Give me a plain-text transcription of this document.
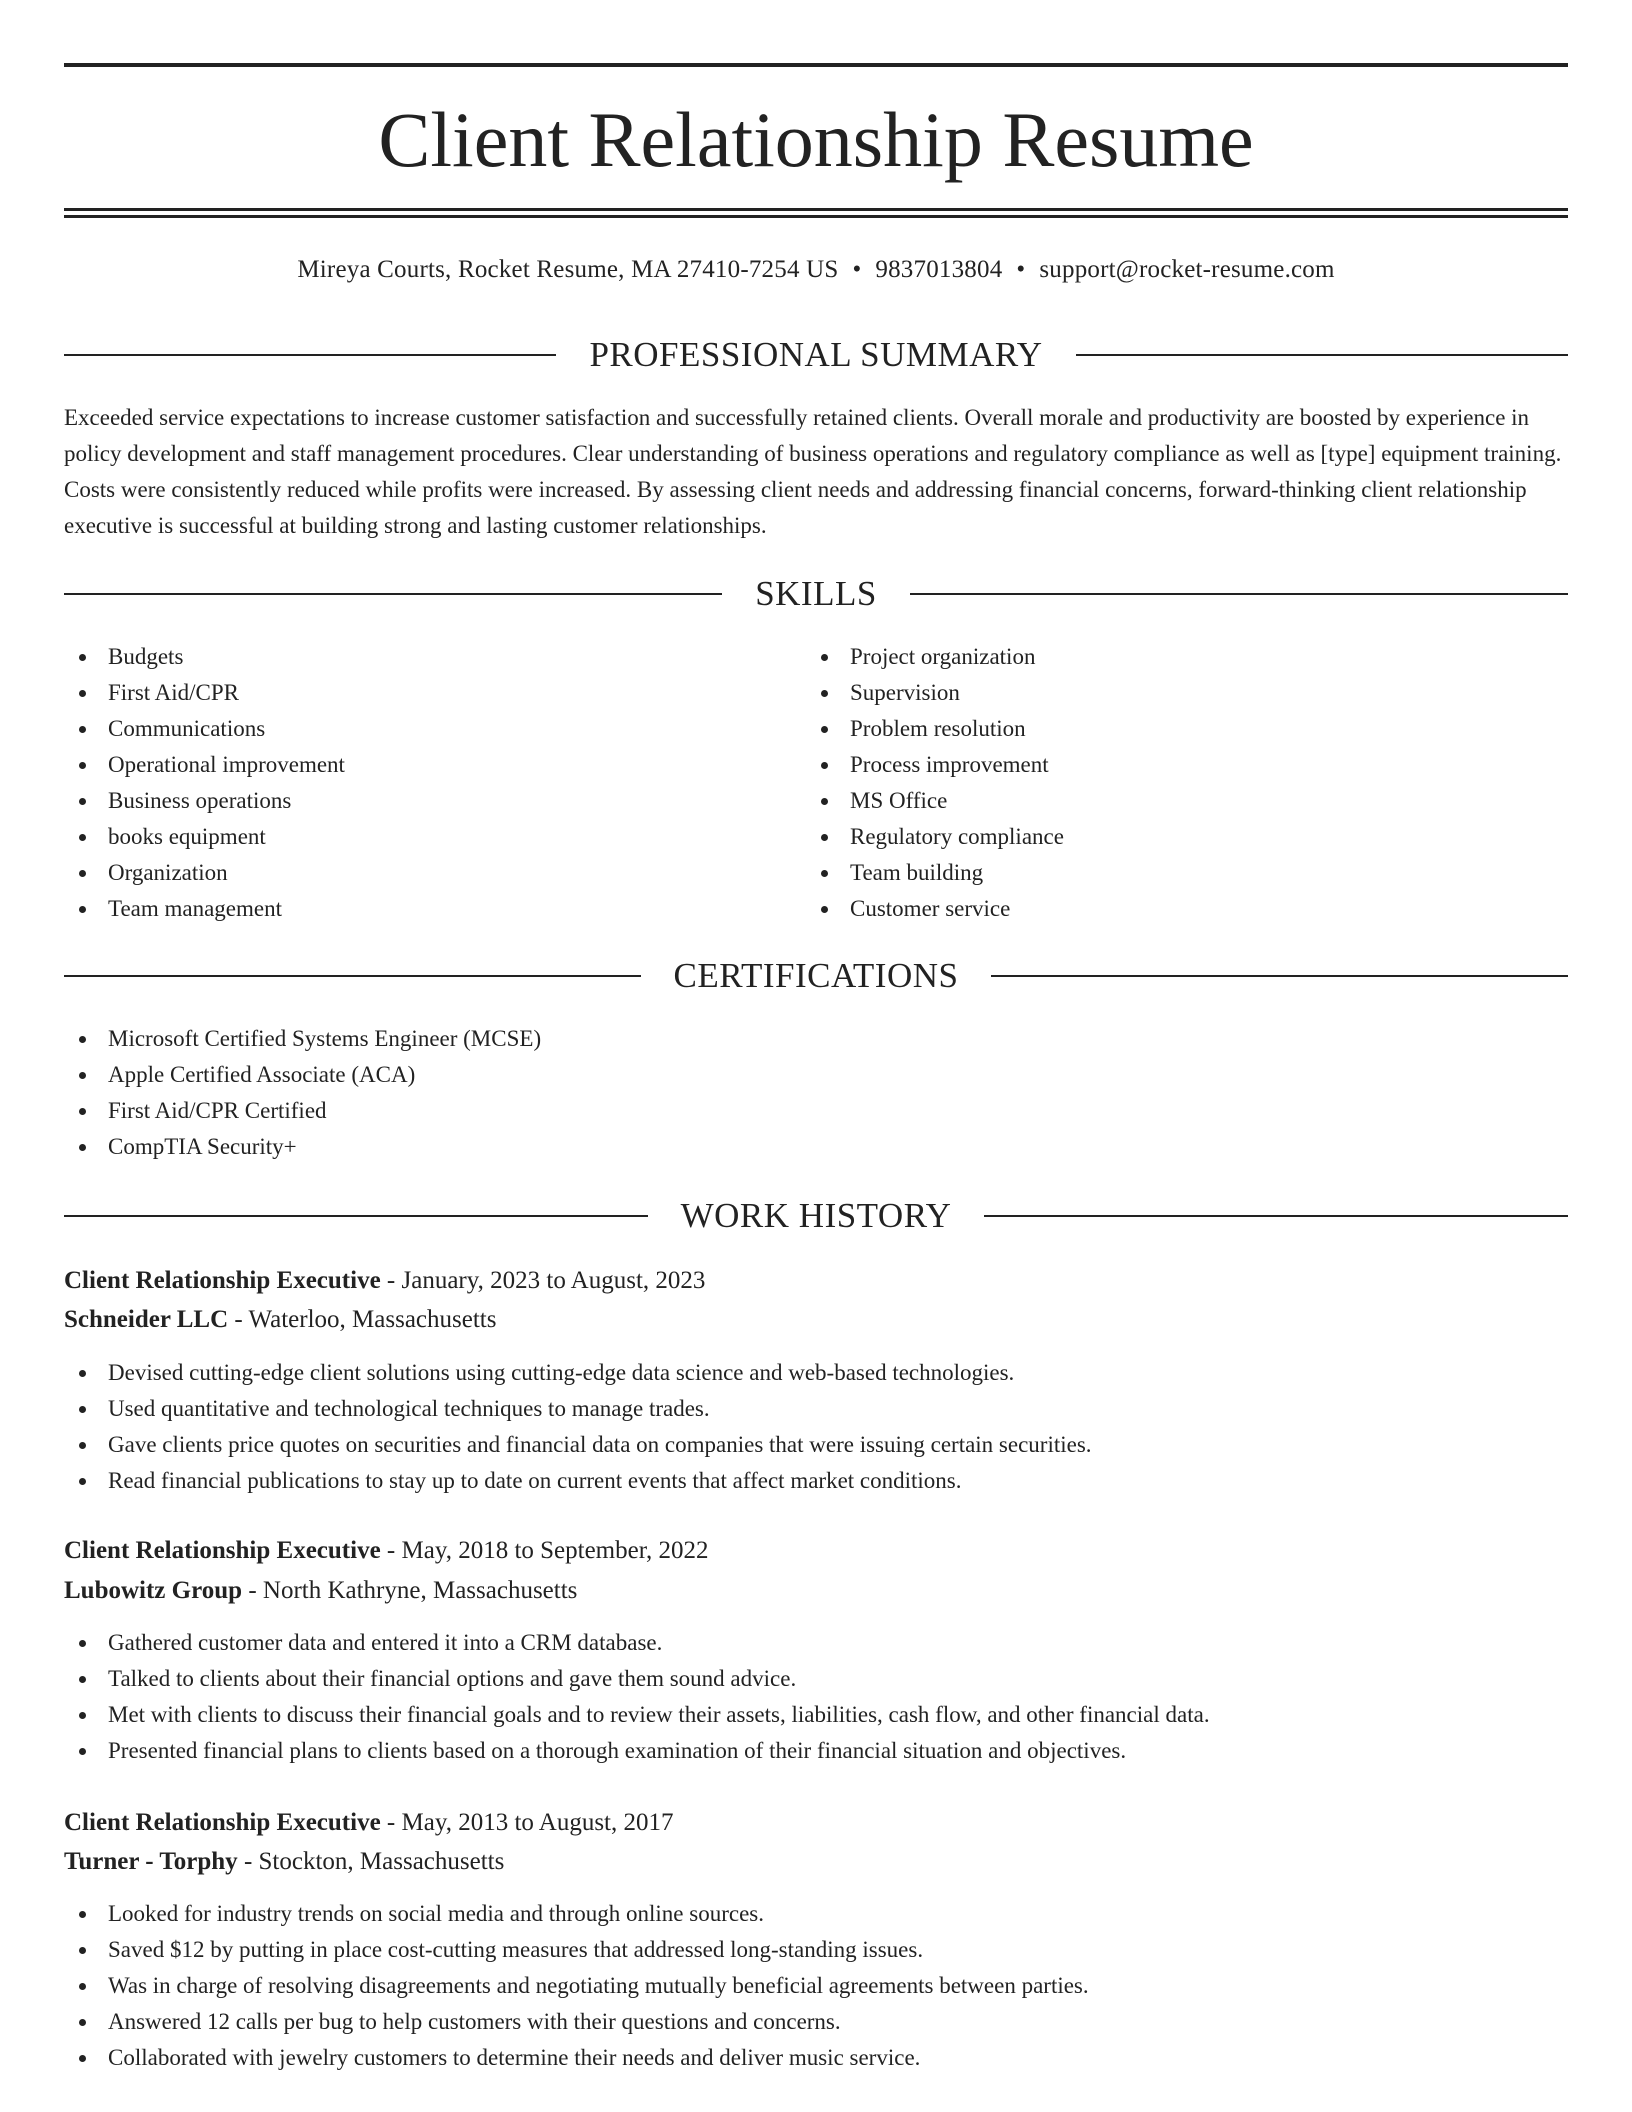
Client Relationship Resume
Mireya Courts, Rocket Resume, MA 27410-7254 US • 9837013804 • support@rocket-resume.com
PROFESSIONAL SUMMARY

Exceeded service expectations to increase customer satisfaction and successfully retained clients. Overall morale and productivity are boosted by experience in policy development and staff management procedures. Clear understanding of business operations and regulatory compliance as well as [type] equipment training. Costs were consistently reduced while profits were increased. By assessing client needs and addressing financial concerns, forward-thinking client relationship executive is successful at building strong and lasting customer relationships.

SKILLS
Budgets
First Aid/CPR
Communications
Operational improvement
Business operations
books equipment
Organization
Team management
Project organization
Supervision
Problem resolution
Process improvement
MS Office
Regulatory compliance
Team building
Customer service
CERTIFICATIONS
Microsoft Certified Systems Engineer (MCSE)
Apple Certified Associate (ACA)
First Aid/CPR Certified
CompTIA Security+
WORK HISTORY
Client Relationship Executive - January, 2023 to August, 2023
Schneider LLC - Waterloo, Massachusetts
Devised cutting-edge client solutions using cutting-edge data science and web-based technologies.
Used quantitative and technological techniques to manage trades.
Gave clients price quotes on securities and financial data on companies that were issuing certain securities.
Read financial publications to stay up to date on current events that affect market conditions.
Client Relationship Executive - May, 2018 to September, 2022
Lubowitz Group - North Kathryne, Massachusetts
Gathered customer data and entered it into a CRM database.
Talked to clients about their financial options and gave them sound advice.
Met with clients to discuss their financial goals and to review their assets, liabilities, cash flow, and other financial data.
Presented financial plans to clients based on a thorough examination of their financial situation and objectives.
Client Relationship Executive - May, 2013 to August, 2017
Turner - Torphy - Stockton, Massachusetts
Looked for industry trends on social media and through online sources.
Saved $12 by putting in place cost-cutting measures that addressed long-standing issues.
Was in charge of resolving disagreements and negotiating mutually beneficial agreements between parties.
Answered 12 calls per bug to help customers with their questions and concerns.
Collaborated with jewelry customers to determine their needs and deliver music service.
